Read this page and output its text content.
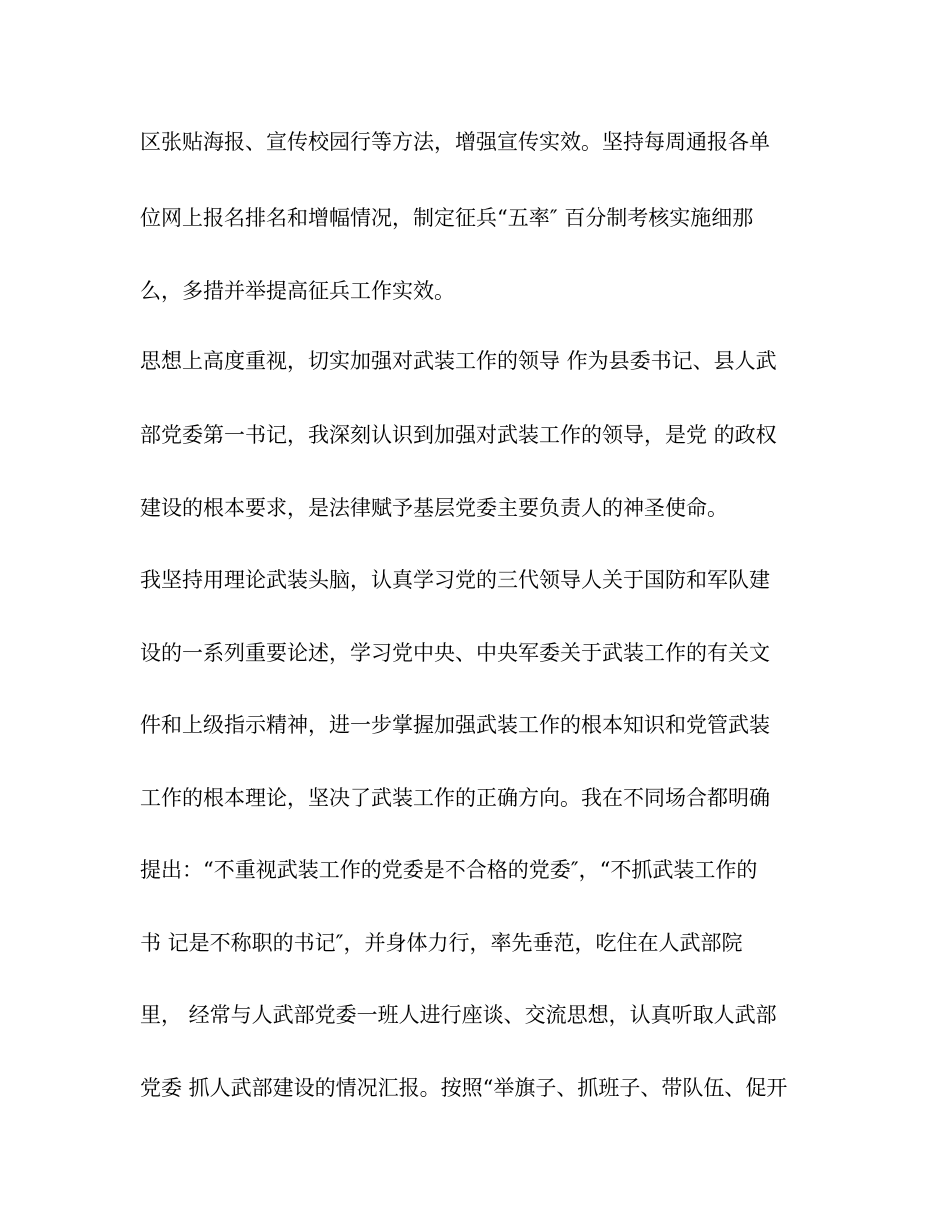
区张贴海报、宣传校园行等方法，增强宣传实效。坚持每周通报各单

位网上报名排名和增幅情况，制定征兵“五率″ 百分制考核实施细那

么，多措并举提高征兵工作实效。

思想上高度重视，切实加强对武装工作的领导 作为县委书记、县人武

部党委第一书记，我深刻认识到加强对武装工作的领导，是党 的政权

建设的根本要求，是法律赋予基层党委主要负责人的神圣使命。

我坚持用理论武装头脑，认真学习党的三代领导人关于国防和军队建

设的一系列重要论述，学习党中央、中央军委关于武装工作的有关文

件和上级指示精神，进一步掌握加强武装工作的根本知识和党管武装

工作的根本理论，坚决了武装工作的正确方向。我在不同场合都明确

提出：“不重视武装工作的党委是不合格的党委″，“不抓武装工作的

书 记是不称职的书记″，并身体力行，率先垂范，吃住在人武部院

里， 经常与人武部党委一班人进行座谈、交流思想，认真听取人武部

党委 抓人武部建设的情况汇报。按照“举旗子、抓班子、带队伍、促开
